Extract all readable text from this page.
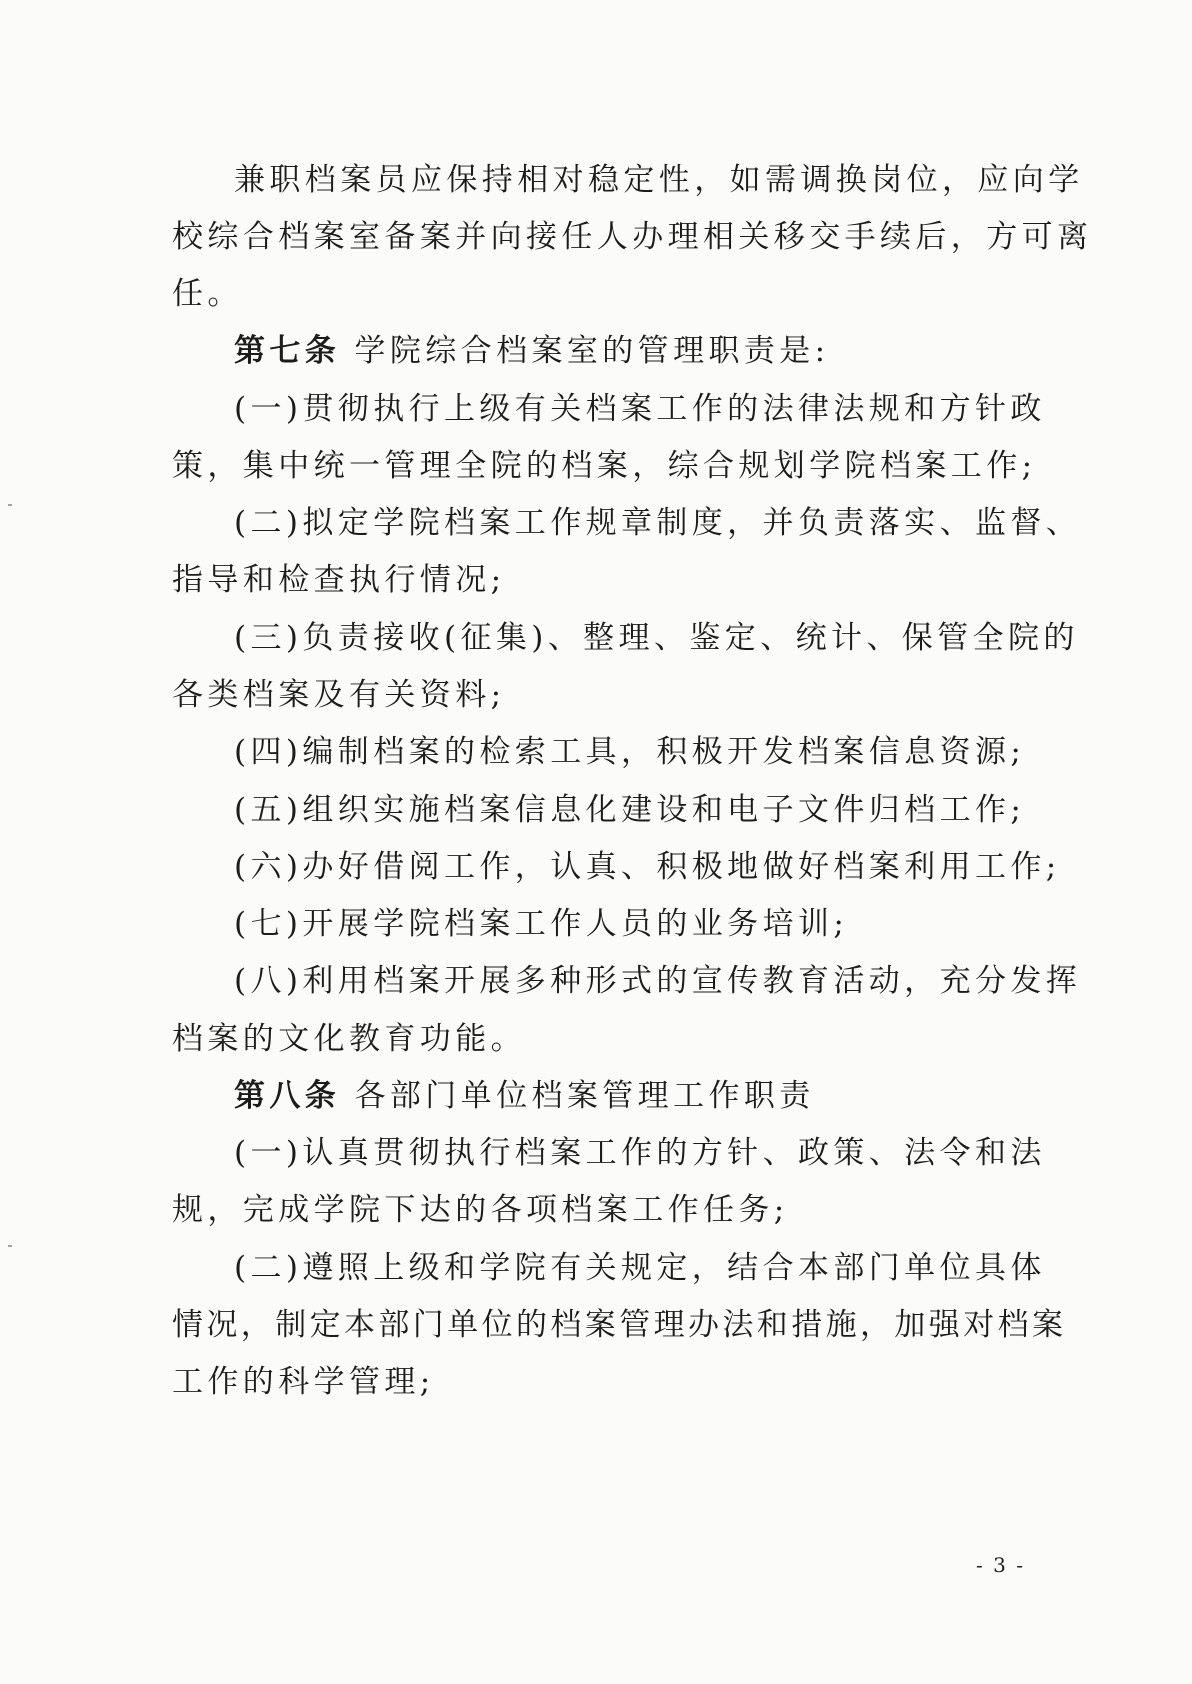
兼职档案员应保持相对稳定性，如需调换岗位，应向学
校综合档案室备案并向接任人办理相关移交手续后，方可离
任。
第七条 学院综合档案室的管理职责是:
(一)贯彻执行上级有关档案工作的法律法规和方针政
策，集中统一管理全院的档案，综合规划学院档案工作;
(二)拟定学院档案工作规章制度，并负责落实、监督、
指导和检查执行情况;
(三)负责接收(征集)、整理、鉴定、统计、保管全院的
各类档案及有关资料;
(四)编制档案的检索工具，积极开发档案信息资源;
(五)组织实施档案信息化建设和电子文件归档工作;
(六)办好借阅工作，认真、积极地做好档案利用工作;
(七)开展学院档案工作人员的业务培训;
(八)利用档案开展多种形式的宣传教育活动，充分发挥
档案的文化教育功能。
第八条 各部门单位档案管理工作职责
(一)认真贯彻执行档案工作的方针、政策、法令和法
规，完成学院下达的各项档案工作任务;
(二)遵照上级和学院有关规定，结合本部门单位具体
情况，制定本部门单位的档案管理办法和措施，加强对档案
工作的科学管理;
- 3 -
